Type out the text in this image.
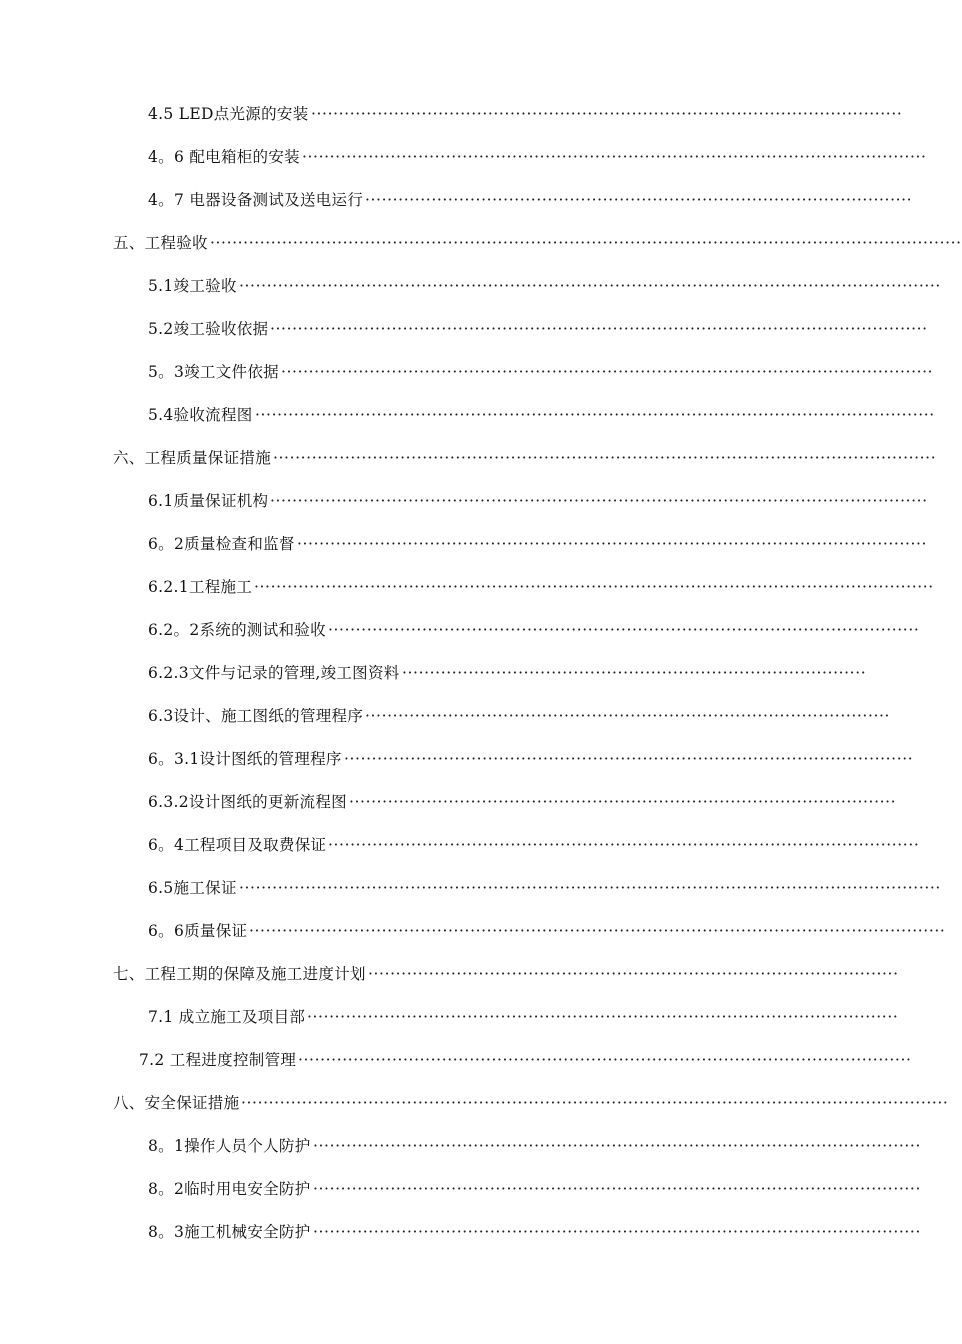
4.5 LED点光源的安装 ···········································································································
4。6 配电箱柜的安装 ·················································································································
4。7 电器设备测试及送电运行 ···································································································
五、工程验收 ········································································································································
5.1竣工验收 ·······························································································································
5.2竣工验收依据 ·······················································································································
5。3竣工文件依据 ······················································································································
5.4验收流程图 ···························································································································
六、工程质量保证措施 ························································································································
6.1质量保证机构 ·······················································································································
6。2质量检查和监督 ··················································································································
6.2.1工程施工 ···························································································································
6.2。2系统的测试和验收 ···········································································································
6.2.3文件与记录的管理,竣工图资料 ····················································································
6.3设计、施工图纸的管理程序 ·······························································································
6。3.1设计图纸的管理程序 ·······································································································
6.3.2设计图纸的更新流程图 ···································································································
6。4工程项目及取费保证 ···········································································································
6.5施工保证 ·······························································································································
6。6质量保证 ······························································································································
七、工程工期的保障及施工进度计划 ································································································
7.1 成立施工及项目部 ···········································································································
7.2 工程进度控制管理 ···············································································································
八、安全保证措施 ································································································································
8。1操作人员个人防护 ··············································································································
8。2临时用电安全防护 ··············································································································
8。3施工机械安全防护 ··············································································································
